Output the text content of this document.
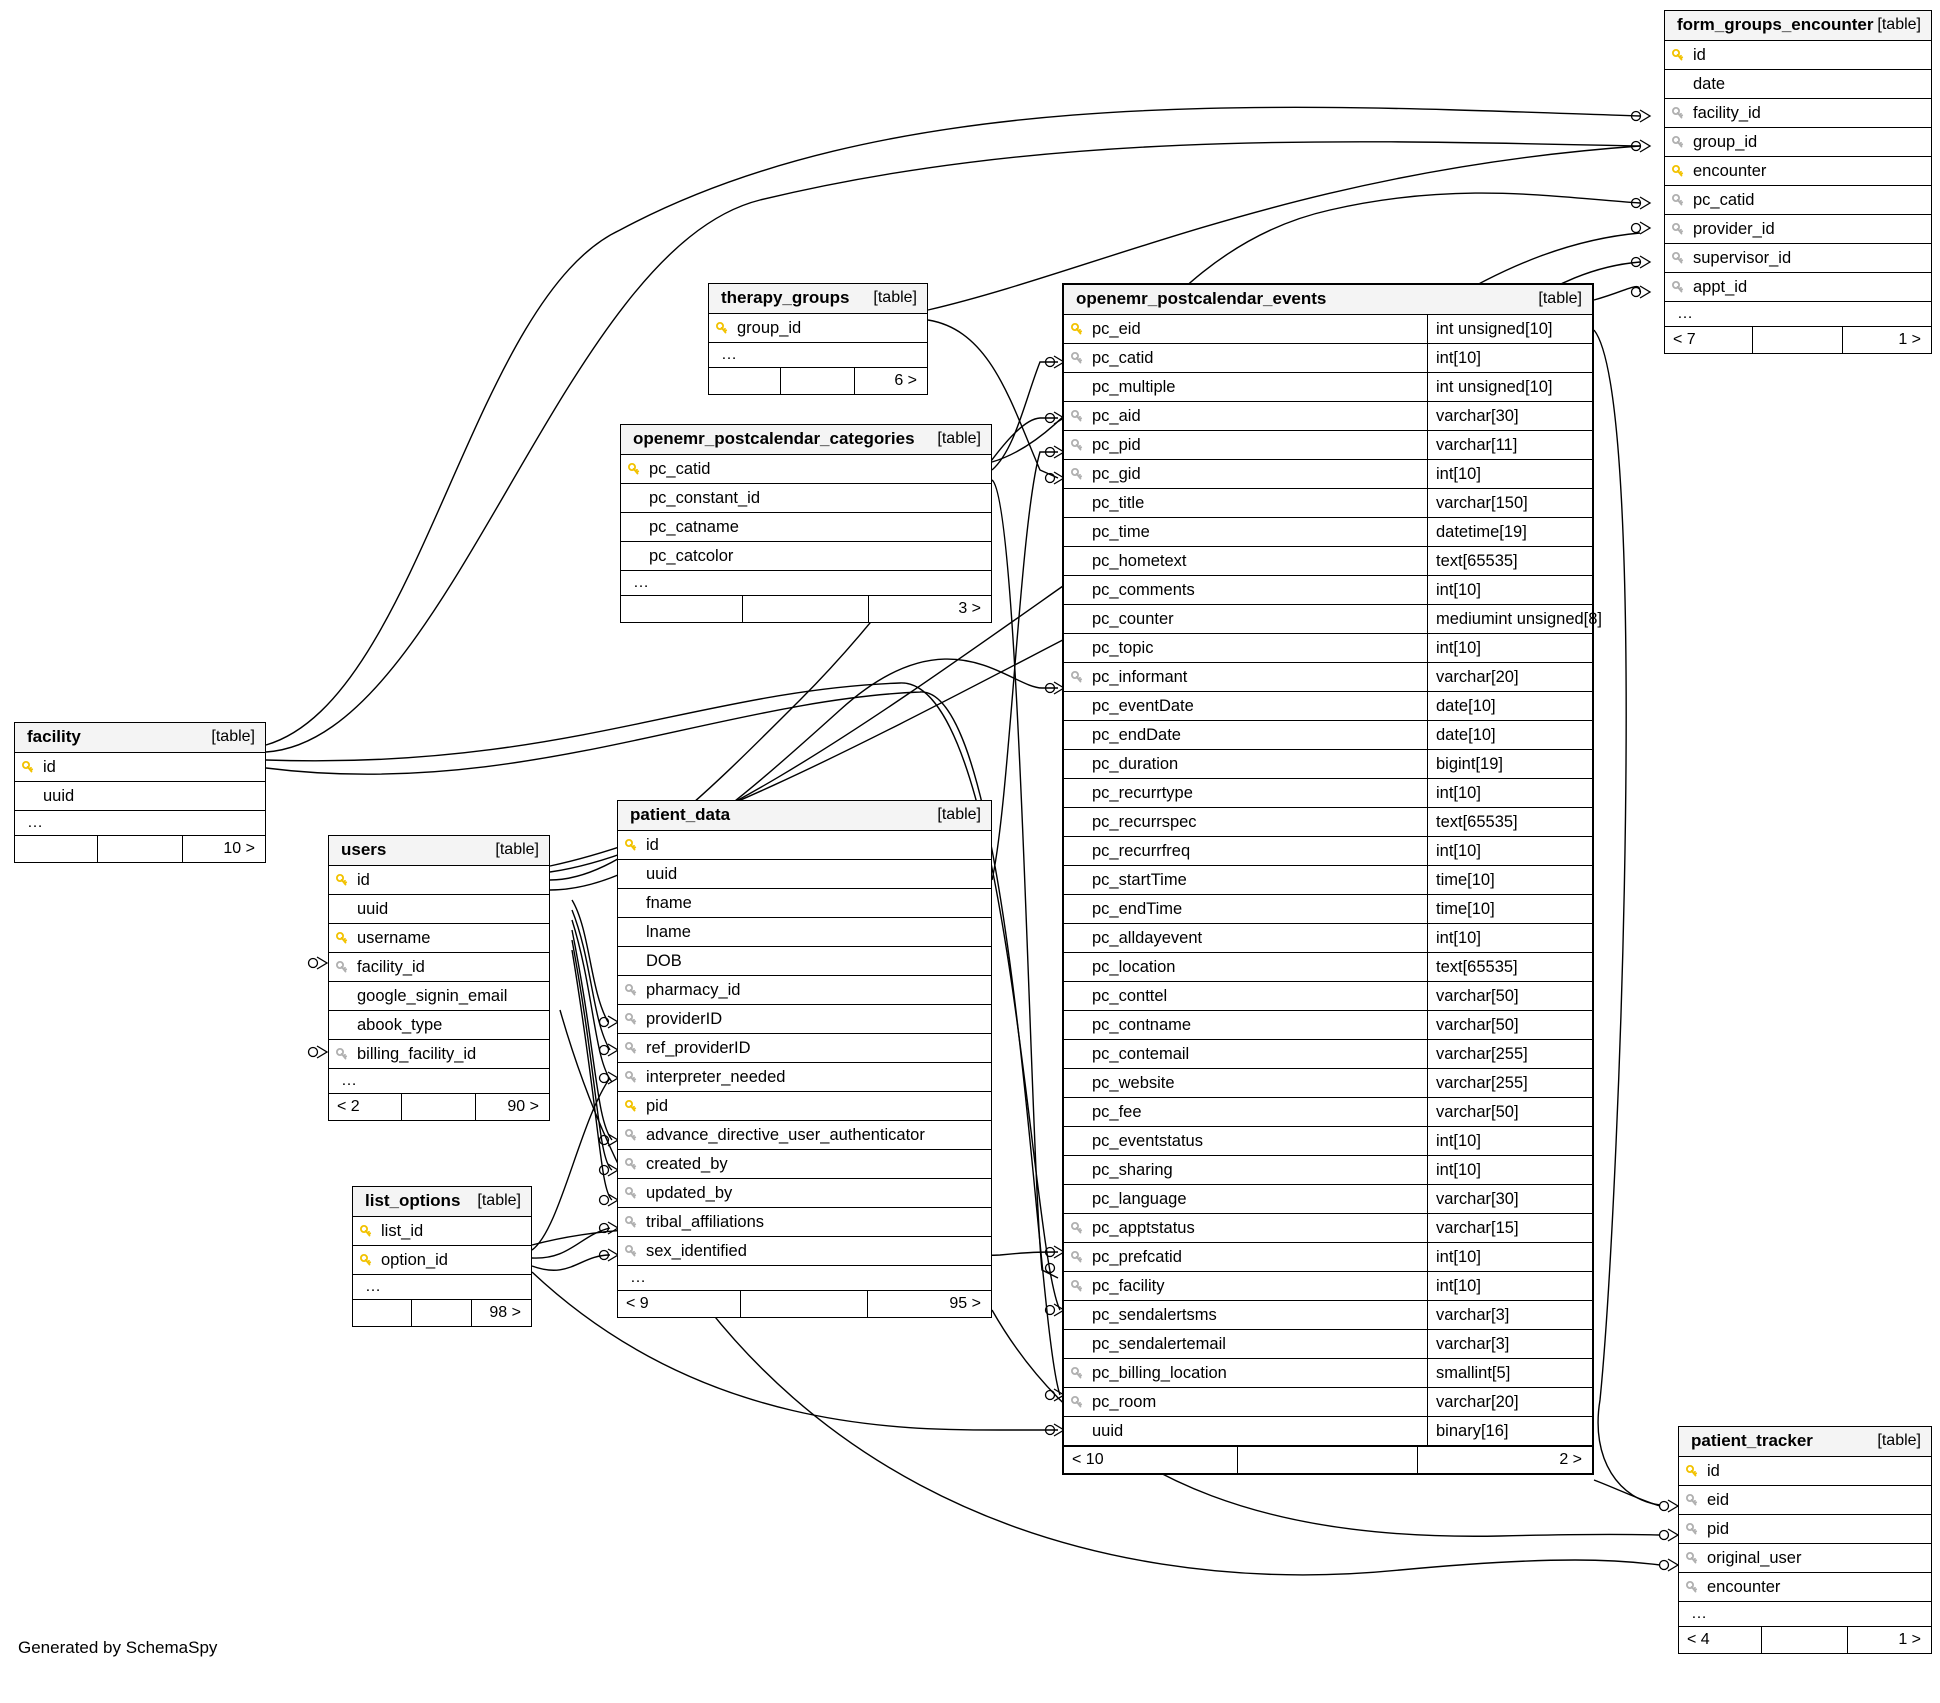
form_groups_encounter [table]
id
date
facility_id
group_id
encounter
pc_catid
provider_id
supervisor_id
appt_id
…
< 7	1 >
therapy_groups [table]
group_id
…
6 >
openemr_postcalendar_categories [table]
pc_catid
pc_constant_id
pc_catname
pc_catcolor
…
3 >
openemr_postcalendar_events	[table]
pc_eid	int unsigned[10]
pc_catid	int[10]
pc_multiple	int unsigned[10]
pc_aid	varchar[30]
pc_pid	varchar[11]
pc_gid	int[10]
pc_title	varchar[150]
pc_time	datetime[19]
pc_hometext	text[65535]
pc_comments	int[10]
pc_counter	mediumint unsigned[8]
pc_topic	int[10]
pc_informant	varchar[20]
pc_eventDate	date[10]
pc_endDate	date[10]
pc_duration	bigint[19]
pc_recurrtype	int[10]
pc_recurrspec	text[65535]
pc_recurrfreq	int[10]
pc_startTime	time[10]
pc_endTime	time[10]
pc_alldayevent	int[10]
pc_location	text[65535]
pc_conttel	varchar[50]
pc_contname	varchar[50]
pc_contemail	varchar[255]
pc_website	varchar[255]
pc_fee	varchar[50]
pc_eventstatus	int[10]
pc_sharing	int[10]
pc_language	varchar[30]
pc_apptstatus	varchar[15]
pc_prefcatid	int[10]
pc_facility	int[10]
pc_sendalertsms	varchar[3]
pc_sendalertemail	varchar[3]
pc_billing_location	smallint[5]
pc_room	varchar[20]
uuid	binary[16]
< 10	2 >
facility	[table]
id
uuid
…
10 >	users	[table]
id
uuid
username
facility_id
google_signin_email
abook_type
billing_facility_id
…
< 2	90 >
patient_data	[table]
id
uuid
fname
lname
DOB
pharmacy_id
providerID
ref_providerID
interpreter_needed
pid
advance_directive_user_authenticator
created_by
updated_by
tribal_affiliations
sex_identified
…
< 9	95 >
list_options [table]
list_id
option_id
…
98 >
patient_tracker	[table]
id
eid
pid
original_user
encounter
…
< 4	1 >
Generated by SchemaSpy
